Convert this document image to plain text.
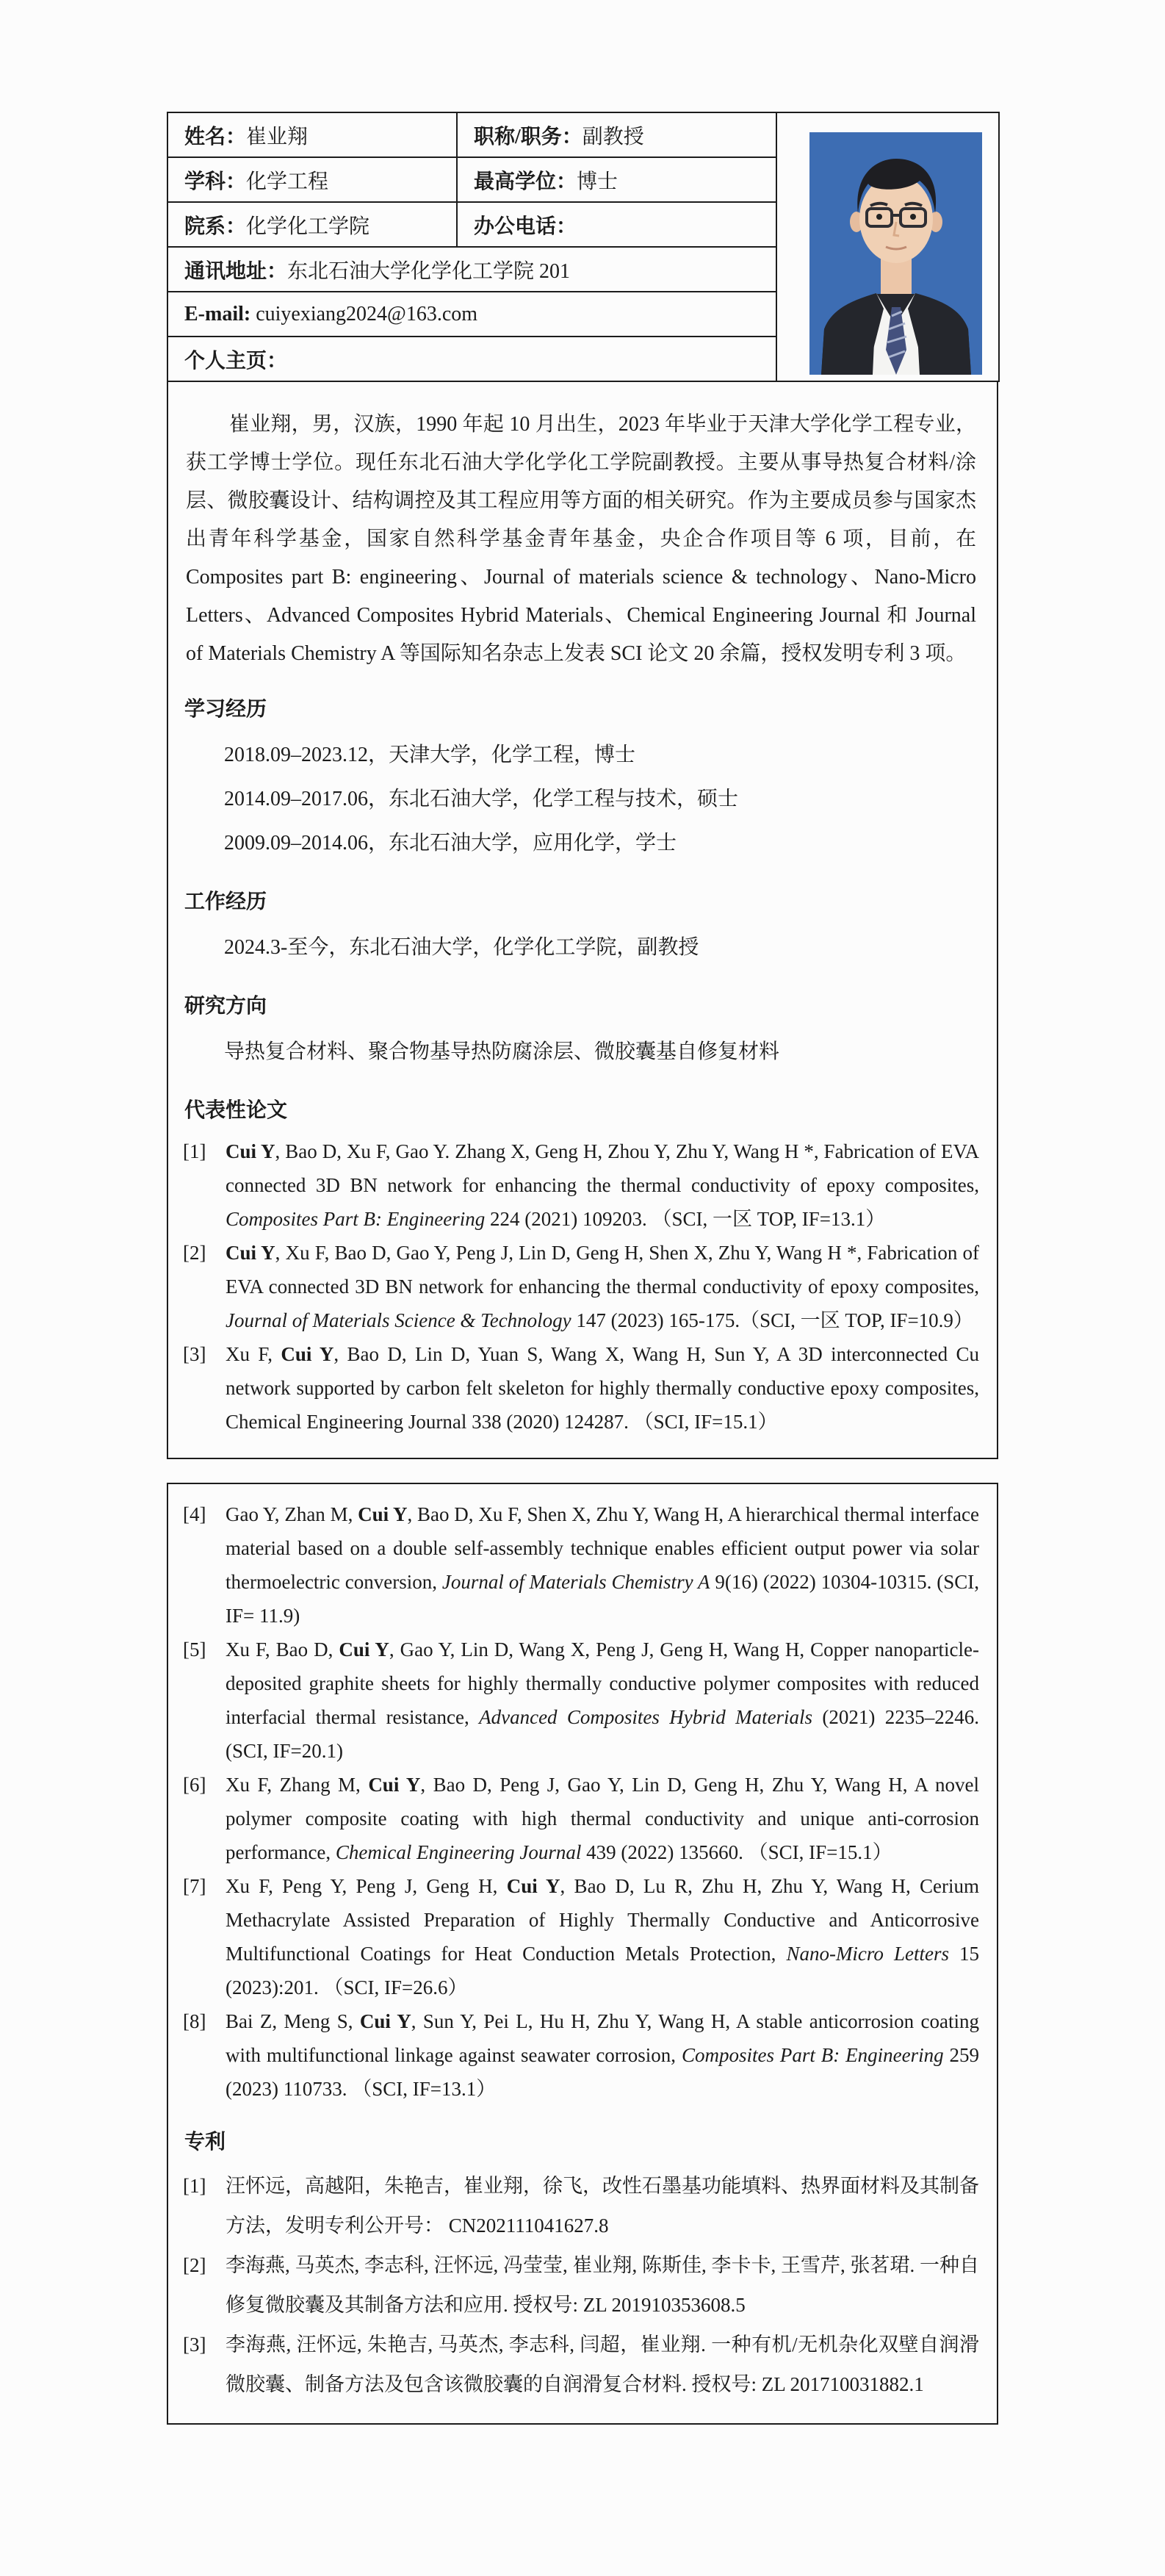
姓名：崔业翔	职称/职务：副教授	
学科：化学工程	最高学位：博士	
院系：化学化工学院	办公电话：	
通讯地址：东北石油大学化学化工学院 201		
E-mail: cuiyexiang2024@163.com		
个人主页：		

崔业翔，男，汉族，1990 年起 10 月出生，2023 年毕业于天津大学化学工程专业，获工学博士学位。现任东北石油大学化学化工学院副教授。主要从事导热复合材料/涂层、微胶囊设计、结构调控及其工程应用等方面的相关研究。作为主要成员参与国家杰出青年科学基金，国家自然科学基金青年基金，央企合作项目等 6 项，目前，在 Composites part B: engineering、Journal of materials science & technology、Nano-Micro Letters、Advanced Composites Hybrid Materials、Chemical Engineering Journal 和 Journal of Materials Chemistry A 等国际知名杂志上发表 SCI 论文 20 余篇，授权发明专利 3 项。

学习经历
2018.09–2023.12，天津大学，化学工程，博士
2014.09–2017.06，东北石油大学，化学工程与技术，硕士
2009.09–2014.06，东北石油大学，应用化学，学士
工作经历
2024.3-至今，东北石油大学，化学化工学院，副教授
研究方向
导热复合材料、聚合物基导热防腐涂层、微胶囊基自修复材料
代表性论文
[1] Cui Y, Bao D, Xu F, Gao Y. Zhang X, Geng H, Zhou Y, Zhu Y, Wang H *, Fabrication of EVA connected 3D BN network for enhancing the thermal conductivity of epoxy composites, Composites Part B: Engineering 224 (2021) 109203. （SCI, 一区 TOP, IF=13.1）
[2] Cui Y, Xu F, Bao D, Gao Y, Peng J, Lin D, Geng H, Shen X, Zhu Y, Wang H *, Fabrication of EVA connected 3D BN network for enhancing the thermal conductivity of epoxy composites, Journal of Materials Science & Technology 147 (2023) 165-175.（SCI, 一区 TOP, IF=10.9）
[3] Xu F, Cui Y, Bao D, Lin D, Yuan S, Wang X, Wang H, Sun Y, A 3D interconnected Cu network supported by carbon felt skeleton for highly thermally conductive epoxy composites, Chemical Engineering Journal 338 (2020) 124287. （SCI, IF=15.1）
[4] Gao Y, Zhan M, Cui Y, Bao D, Xu F, Shen X, Zhu Y, Wang H, A hierarchical thermal interface material based on a double self-assembly technique enables efficient output power via solar thermoelectric conversion, Journal of Materials Chemistry A 9(16) (2022) 10304-10315. (SCI, IF= 11.9)
[5] Xu F, Bao D, Cui Y, Gao Y, Lin D, Wang X, Peng J, Geng H, Wang H, Copper nanoparticle-deposited graphite sheets for highly thermally conductive polymer composites with reduced interfacial thermal resistance, Advanced Composites Hybrid Materials (2021) 2235–2246. (SCI, IF=20.1)
[6] Xu F, Zhang M, Cui Y, Bao D, Peng J, Gao Y, Lin D, Geng H, Zhu Y, Wang H, A novel polymer composite coating with high thermal conductivity and unique anti-corrosion performance, Chemical Engineering Journal 439 (2022) 135660. （SCI, IF=15.1）
[7] Xu F, Peng Y, Peng J, Geng H, Cui Y, Bao D, Lu R, Zhu H, Zhu Y, Wang H, Cerium Methacrylate Assisted Preparation of Highly Thermally Conductive and Anticorrosive Multifunctional Coatings for Heat Conduction Metals Protection, Nano-Micro Letters 15 (2023):201. （SCI, IF=26.6）
[8] Bai Z, Meng S, Cui Y, Sun Y, Pei L, Hu H, Zhu Y, Wang H, A stable anticorrosion coating with multifunctional linkage against seawater corrosion, Composites Part B: Engineering 259 (2023) 110733. （SCI, IF=13.1）
专利
[1] 汪怀远，高越阳，朱艳吉，崔业翔，徐飞，改性石墨基功能填料、热界面材料及其制备方法，发明专利公开号： CN202111041627.8
[2] 李海燕, 马英杰, 李志科, 汪怀远, 冯莹莹, 崔业翔, 陈斯佳, 李卡卡, 王雪芹, 张茗珺. 一种自修复微胶囊及其制备方法和应用. 授权号: ZL 201910353608.5
[3] 李海燕, 汪怀远, 朱艳吉, 马英杰, 李志科, 闫超，崔业翔. 一种有机/无机杂化双壁自润滑微胶囊、制备方法及包含该微胶囊的自润滑复合材料. 授权号: ZL 201710031882.1
